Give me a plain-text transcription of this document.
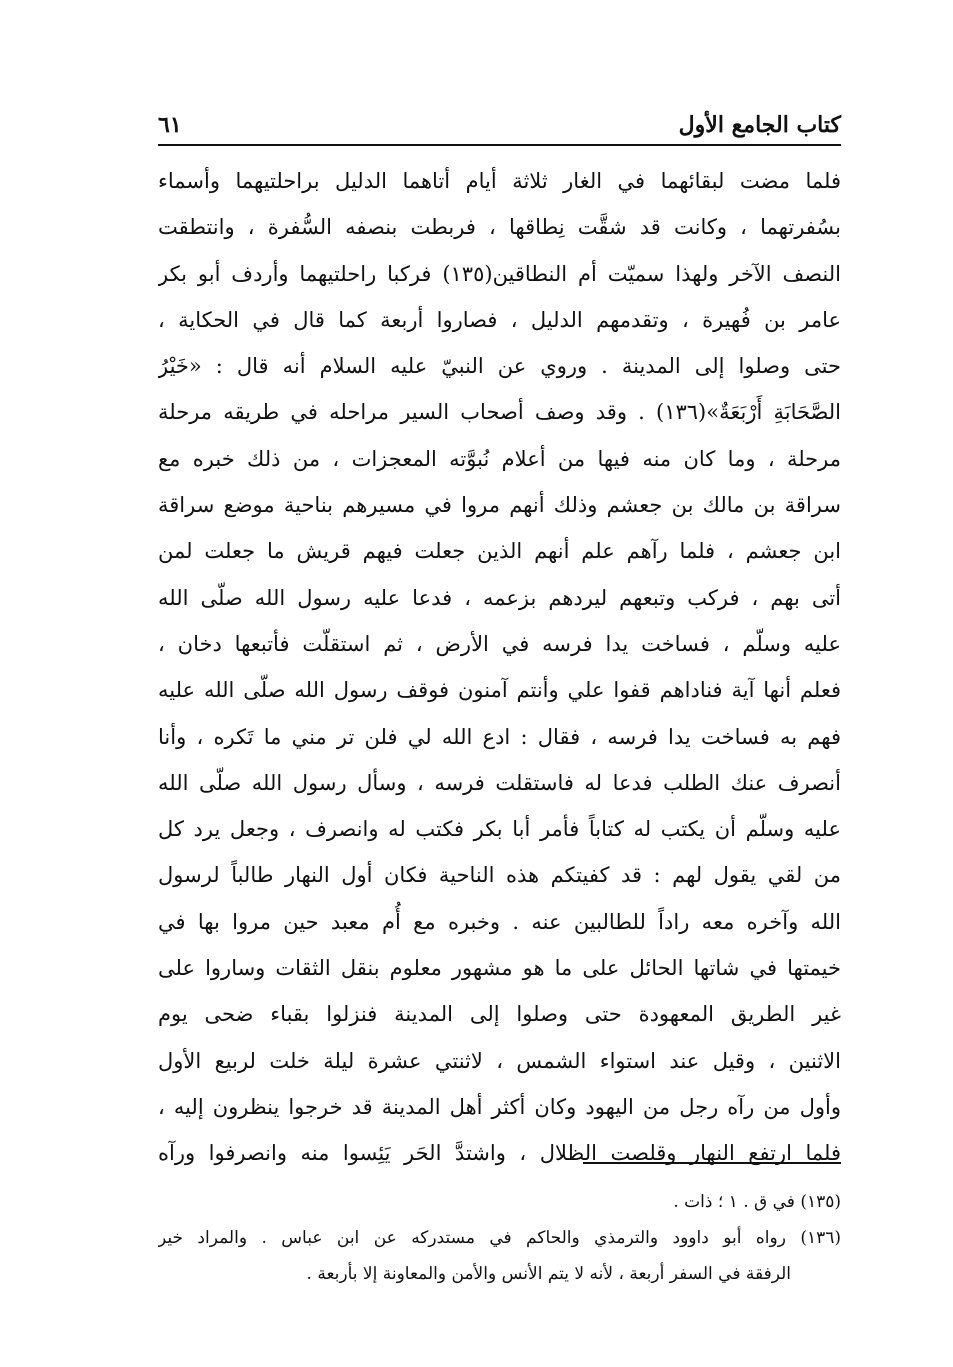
كتاب الجامع الأول
٦١
فلما مضت لبقائهما في الغار ثلاثة أيام أتاهما الدليل براحلتيهما وأسماء
بسُفرتهما ، وكانت قد شقَّت نِطاقها ، فربطت بنصفه السُّفرة ، وانتطقت
النصف الآخر ولهذا سميّت أم النطاقين(١٣٥) فركبا راحلتيهما وأردف أبو بكر
عامر بن فُهيرة ، وتقدمهم الدليل ، فصاروا أربعة كما قال في الحكاية ،
حتى وصلوا إلى المدينة . وروي عن النبيّ عليه السلام أنه قال : «خَيْرُ
الصَّحَابَةِ أَرْبَعَةٌ»(١٣٦) . وقد وصف أصحاب السير مراحله في طريقه مرحلة
مرحلة ، وما كان منه فيها من أعلام نُبوَّته المعجزات ، من ذلك خبره مع
سراقة بن مالك بن جعشم وذلك أنهم مروا في مسيرهم بناحية موضع سراقة
ابن جعشم ، فلما رآهم علم أنهم الذين جعلت فيهم قريش ما جعلت لمن
أتى بهم ، فركب وتبعهم ليردهم بزعمه ، فدعا عليه رسول الله صلّى الله
عليه وسلّم ، فساخت يدا فرسه في الأرض ، ثم استقلّت فأتبعها دخان ،
فعلم أنها آية فناداهم قفوا علي وأنتم آمنون فوقف رسول الله صلّى الله عليه
فهم به فساخت يدا فرسه ، فقال : ادع الله لي فلن تر مني ما تَكره ، وأنا
أنصرف عنك الطلب فدعا له فاستقلت فرسه ، وسأل رسول الله صلّى الله
عليه وسلّم أن يكتب له كتاباً فأمر أبا بكر فكتب له وانصرف ، وجعل يرد كل
من لقي يقول لهم : قد كفيتكم هذه الناحية فكان أول النهار طالباً لرسول
الله وآخره معه راداً للطالبين عنه . وخبره مع أُم معبد حين مروا بها في
خيمتها في شاتها الحائل على ما هو مشهور معلوم بنقل الثقات وساروا على
غير الطريق المعهودة حتى وصلوا إلى المدينة فنزلوا بقباء ضحى يوم
الاثنين ، وقيل عند استواء الشمس ، لاثنتي عشرة ليلة خلت لربيع الأول
وأول من رآه رجل من اليهود وكان أكثر أهل المدينة قد خرجوا ينظرون إليه ،
فلما ارتفع النهار وقلصت الظلال ، واشتدَّ الحَر يَئِسوا منه وانصرفوا ورآه
(١٣٥) في ق . ١ ؛ ذات .
(١٣٦) رواه أبو داوود والترمذي والحاكم في مستدركه عن ابن عباس . والمراد خير
الرفقة في السفر أربعة ، لأنه لا يتم الأنس والأمن والمعاونة إلا بأربعة .
